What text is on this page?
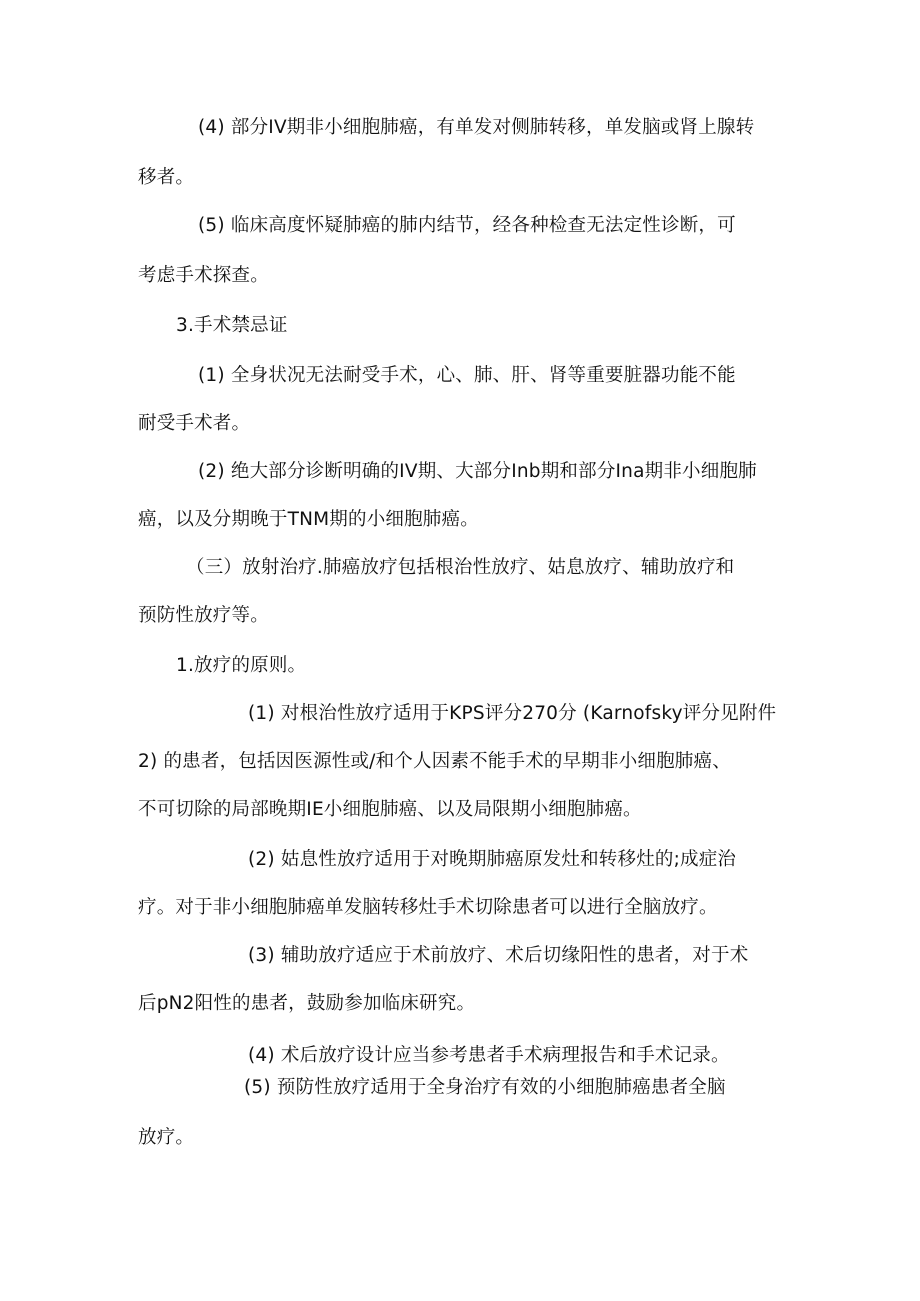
(4) 部分IV期非小细胞肺癌，有单发对侧肺转移，单发脑或肾上腺转
移者。
(5) 临床高度怀疑肺癌的肺内结节，经各种检查无法定性诊断，可
考虑手术探查。
3.手术禁忌证
(1) 全身状况无法耐受手术，心、肺、肝、肾等重要脏器功能不能
耐受手术者。
(2) 绝大部分诊断明确的IV期、大部分Inb期和部分Ina期非小细胞肺
癌，以及分期晚于TNM期的小细胞肺癌。
（三）放射治疗.肺癌放疗包括根治性放疗、姑息放疗、辅助放疗和
预防性放疗等。
1.放疗的原则。
(1) 对根治性放疗适用于KPS评分270分 (Karnofsky评分见附件
2) 的患者，包括因医源性或/和个人因素不能手术的早期非小细胞肺癌、
不可切除的局部晚期IE小细胞肺癌、以及局限期小细胞肺癌。
(2) 姑息性放疗适用于对晚期肺癌原发灶和转移灶的;成症治
疗。对于非小细胞肺癌单发脑转移灶手术切除患者可以进行全脑放疗。
(3) 辅助放疗适应于术前放疗、术后切缘阳性的患者，对于术
后pN2阳性的患者，鼓励参加临床研究。
(4) 术后放疗设计应当参考患者手术病理报告和手术记录。
(5) 预防性放疗适用于全身治疗有效的小细胞肺癌患者全脑
放疗。
